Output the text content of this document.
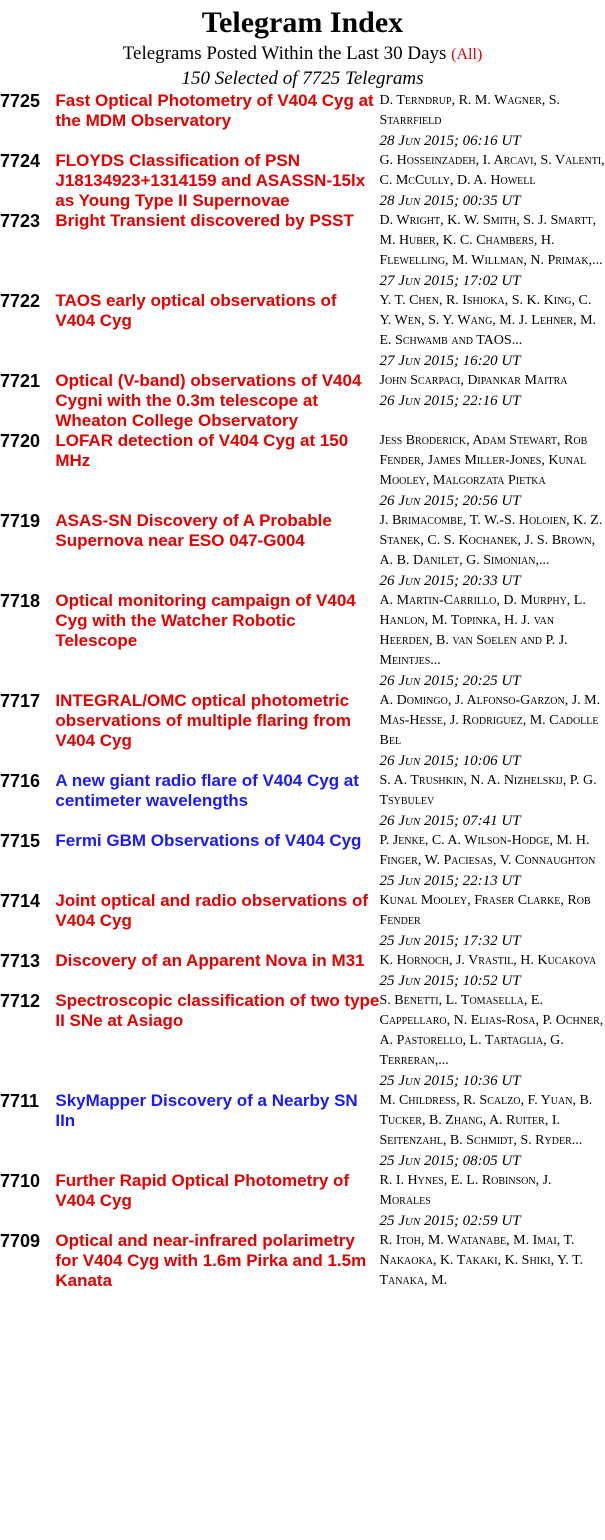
Telegram Index
Telegrams Posted Within the Last 30 Days (All)
150 Selected of 7725 Telegrams
7725	Fast Optical Photometry of V404 Cyg at the MDM Observatory	D. Terndrup, R. M. Wagner, S. Starrfield
28 Jun 2015; 06:16 UT

7724	FLOYDS Classification of PSN J18134923+1314159 and ASASSN-15lx as Young Type II Supernovae	G. Hosseinzadeh, I. Arcavi, S. Valenti, C. McCully, D. A. Howell
28 Jun 2015; 00:35 UT

7723	Bright Transient discovered by PSST	D. Wright, K. W. Smith, S. J. Smartt, M. Huber, K. C. Chambers, H. Flewelling, M. Willman, N. Primak,...
27 Jun 2015; 17:02 UT

7722	TAOS early optical observations of V404 Cyg	Y. T. Chen, R. Ishioka, S. K. King, C. Y. Wen, S. Y. Wang, M. J. Lehner, M. E. Schwamb and TAOS...
27 Jun 2015; 16:20 UT

7721	Optical (V-band) observations of V404 Cygni with the 0.3m telescope at Wheaton College Observatory	John Scarpaci, Dipankar Maitra
26 Jun 2015; 22:16 UT

7720	LOFAR detection of V404 Cyg at 150 MHz	Jess Broderick, Adam Stewart, Rob Fender, James Miller-Jones, Kunal Mooley, Malgorzata Pietka
26 Jun 2015; 20:56 UT

7719	ASAS-SN Discovery of A Probable Supernova near ESO 047-G004	J. Brimacombe, T. W.-S. Holoien, K. Z. Stanek, C. S. Kochanek, J. S. Brown, A. B. Danilet, G. Simonian,...
26 Jun 2015; 20:33 UT

7718	Optical monitoring campaign of V404 Cyg with the Watcher Robotic Telescope	A. Martin-Carrillo, D. Murphy, L. Hanlon, M. Topinka, H. J. van Heerden, B. van Soelen and P. J. Meintjes...
26 Jun 2015; 20:25 UT

7717	INTEGRAL/OMC optical photometric observations of multiple flaring from V404 Cyg	A. Domingo, J. Alfonso-Garzon, J. M. Mas-Hesse, J. Rodriguez, M. Cadolle Bel
26 Jun 2015; 10:06 UT

7716	A new giant radio flare of V404 Cyg at centimeter wavelengths	S. A. Trushkin, N. A. Nizhelskij, P. G. Tsybulev
26 Jun 2015; 07:41 UT

7715	Fermi GBM Observations of V404 Cyg	P. Jenke, C. A. Wilson-Hodge, M. H. Finger, W. Paciesas, V. Connaughton
25 Jun 2015; 22:13 UT

7714	Joint optical and radio observations of V404 Cyg	Kunal Mooley, Fraser Clarke, Rob Fender
25 Jun 2015; 17:32 UT

7713	Discovery of an Apparent Nova in M31	K. Hornoch, J. Vrastil, H. Kucakova
25 Jun 2015; 10:52 UT

7712	Spectroscopic classification of two type II SNe at Asiago	S. Benetti, L. Tomasella, E. Cappellaro, N. Elias-Rosa, P. Ochner, A. Pastorello, L. Tartaglia, G. Terreran,...
25 Jun 2015; 10:36 UT

7711	SkyMapper Discovery of a Nearby SN IIn	M. Childress, R. Scalzo, F. Yuan, B. Tucker, B. Zhang, A. Ruiter, I. Seitenzahl, B. Schmidt, S. Ryder...
25 Jun 2015; 08:05 UT

7710	Further Rapid Optical Photometry of V404 Cyg	R. I. Hynes, E. L. Robinson, J. Morales
25 Jun 2015; 02:59 UT

7709	Optical and near-infrared polarimetry for V404 Cyg with 1.6m Pirka and 1.5m Kanata	R. Itoh, M. Watanabe, M. Imai, T. Nakaoka, K. Takaki, K. Shiki, Y. T. Tanaka, M.
